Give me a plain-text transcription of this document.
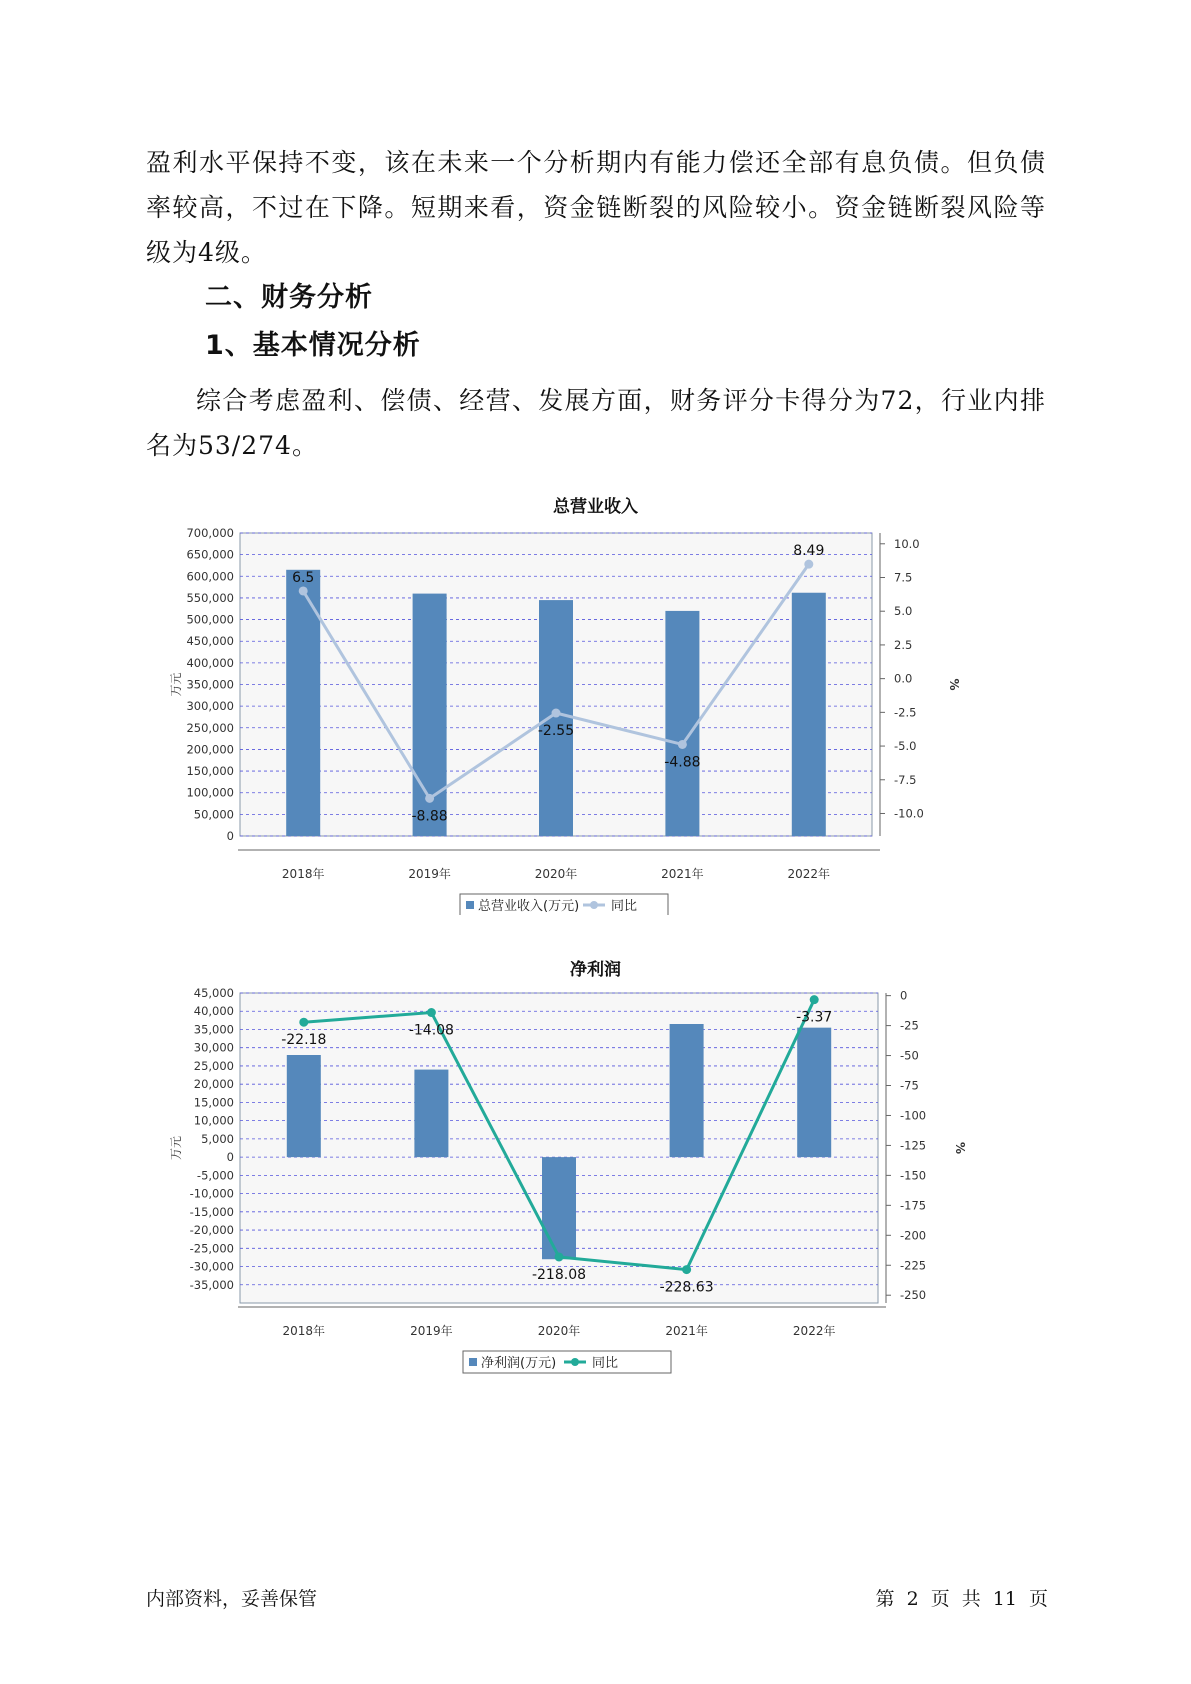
盈利水平保持不变，该在未来一个分析期内有能力偿还全部有息负债。但负债率较高，不过在下降。短期来看，资金链断裂的风险较小。资金链断裂风险等级为4级。

二、财务分析
1、基本情况分析

综合考虑盈利、偿债、经营、发展方面，财务评分卡得分为72，行业内排名为53/274。

总营业收入
0
50,000
100,000
150,000
200,000
250,000
300,000
350,000
400,000
450,000
500,000
550,000
600,000
650,000
700,000
10.0
7.5
5.0
2.5
0.0
-2.5
-5.0
-7.5
-10.0
万元	%
2018年	2019年	2020年	2021年	2022年
6.5
-8.88
-2.55
-4.88
8.49
总营业收入(万元) 同比
净利润
-35,000
-30,000
-25,000
-20,000
-15,000
-10,000
-5,000
0
5,000
10,000
15,000
20,000
25,000
30,000
35,000
40,000
45,000	0
-25
-50
-75
-100
-125
-150
-175
-200
-225
-250
万元	%
2018年	2019年	2020年	2021年	2022年
-22.18
-14.08
-218.08
-228.63
-3.37
净利润(万元)	同比
内部资料，妥善保管	第 2 页 共 11 页
